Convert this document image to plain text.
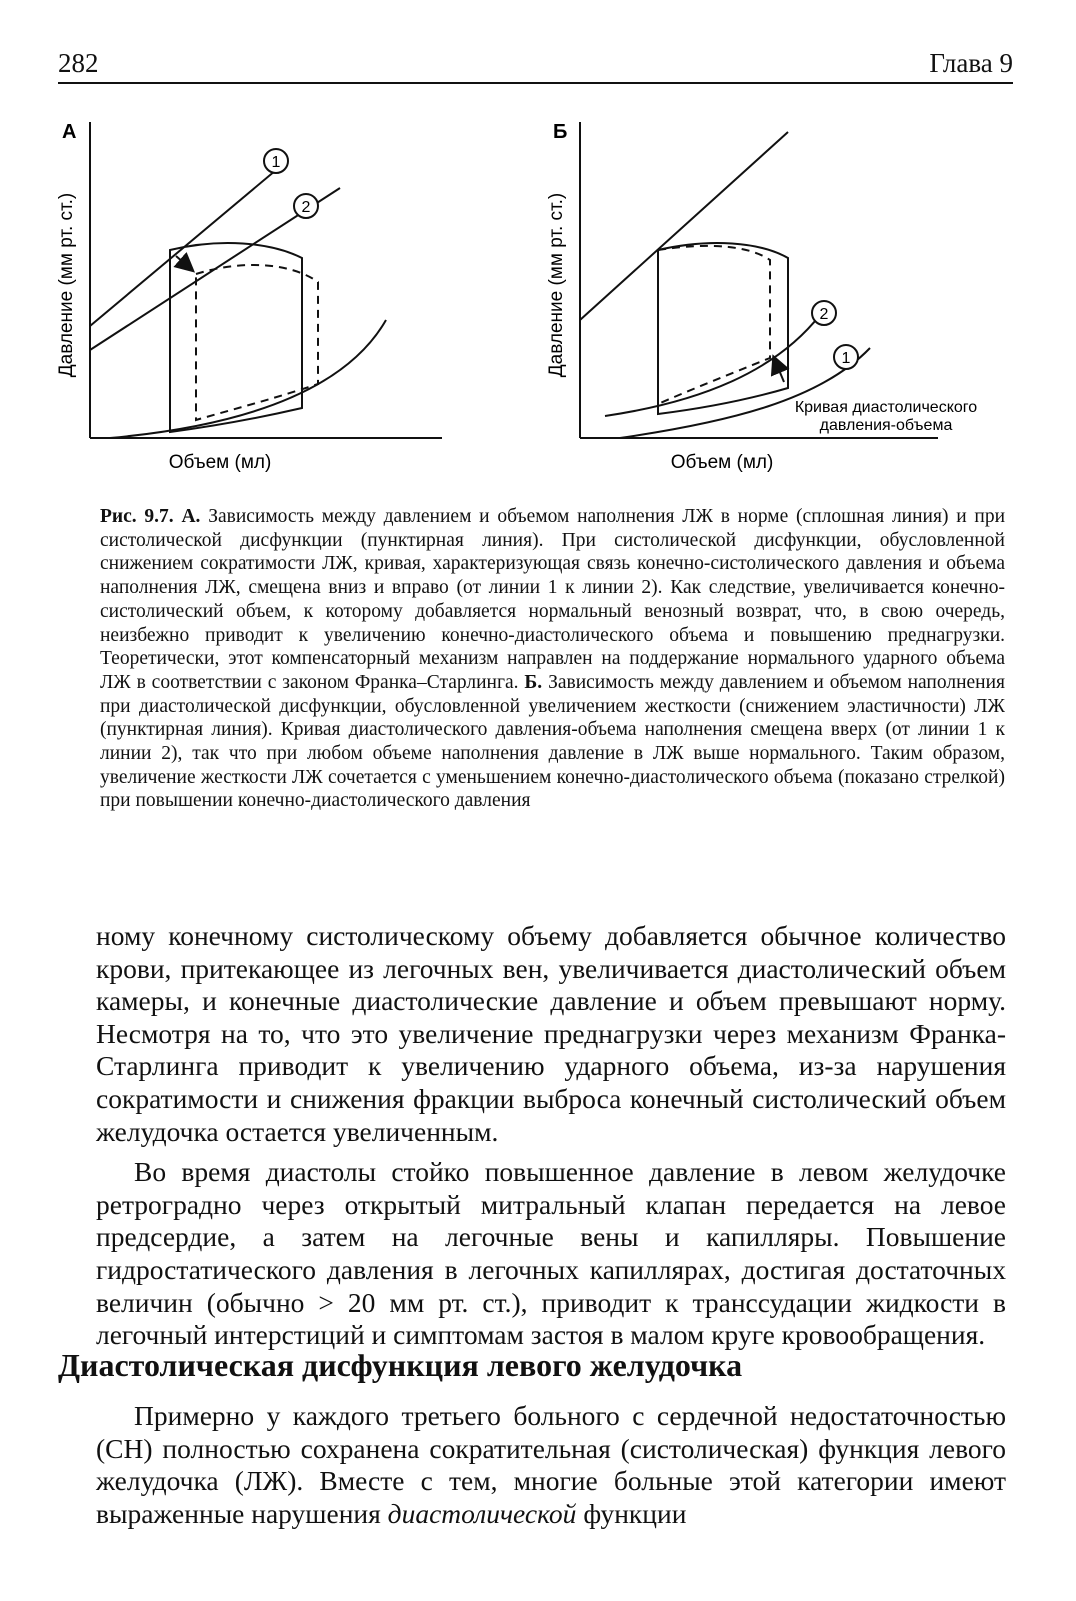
282	Глава 9
А
Давление (мм рт. ст.)
Объем (мл)
1
2
Б
Давление (мм рт. ст.)
Объем (мл)
2
1
Кривая диастолического
давления-объема
Рис. 9.7. А. Зависимость между давлением и объемом наполнения ЛЖ в норме (сплошная линия) и при систолической дисфункции (пунктирная линия). При систолической дисфункции, обусловленной снижением сократимости ЛЖ, кривая, характеризующая связь конечно-систолического давления и объема наполнения ЛЖ, смещена вниз и вправо (от линии 1 к линии 2). Как следствие, увеличивается конечно-систолический объем, к которому добавляется нормальный венозный возврат, что, в свою очередь, неизбежно приводит к увеличению конечно-диастолического объема и повышению преднагрузки. Теоретически, этот компенсаторный механизм направлен на поддержание нормального ударного объема ЛЖ в соответствии с законом Франка–Старлинга. Б. Зависимость между давлением и объемом наполнения при диастолической дисфункции, обусловленной увеличением жесткости (снижением эластичности) ЛЖ (пунктирная линия). Кривая диастолического давления-объема наполнения смещена вверх (от линии 1 к линии 2), так что при любом объеме наполнения давление в ЛЖ выше нормального. Таким образом, увеличение жесткости ЛЖ сочетается с уменьшением конечно-диастолического объема (показано стрелкой) при повышении конечно-диастолического давления

ному конечному систолическому объему добавляется обычное количество крови, притекающее из легочных вен, увеличивается диастолический объем камеры, и конечные диастолические давление и объем превышают норму. Несмотря на то, что это увеличение преднагрузки через механизм Франка-Старлинга приводит к увеличению ударного объема, из-за нарушения сократимости и снижения фракции выброса конечный систолический объем желудочка остается увеличенным.

Во время диастолы стойко повышенное давление в левом желудочке ретроградно через открытый митральный клапан передается на левое предсердие, а затем на легочные вены и капилляры. Повышение гидростатического давления в легочных капиллярах, достигая достаточных величин (обычно > 20 мм рт. ст.), приводит к транссудации жидкости в легочный интерстиций и симптомам застоя в малом круге кровообращения.

Диастолическая дисфункция левого желудочка

Примерно у каждого третьего больного с сердечной недостаточностью (СН) полностью сохранена сократительная (систолическая) функция левого желудочка (ЛЖ). Вместе с тем, многие больные этой категории имеют выраженные нарушения диастолической функции
